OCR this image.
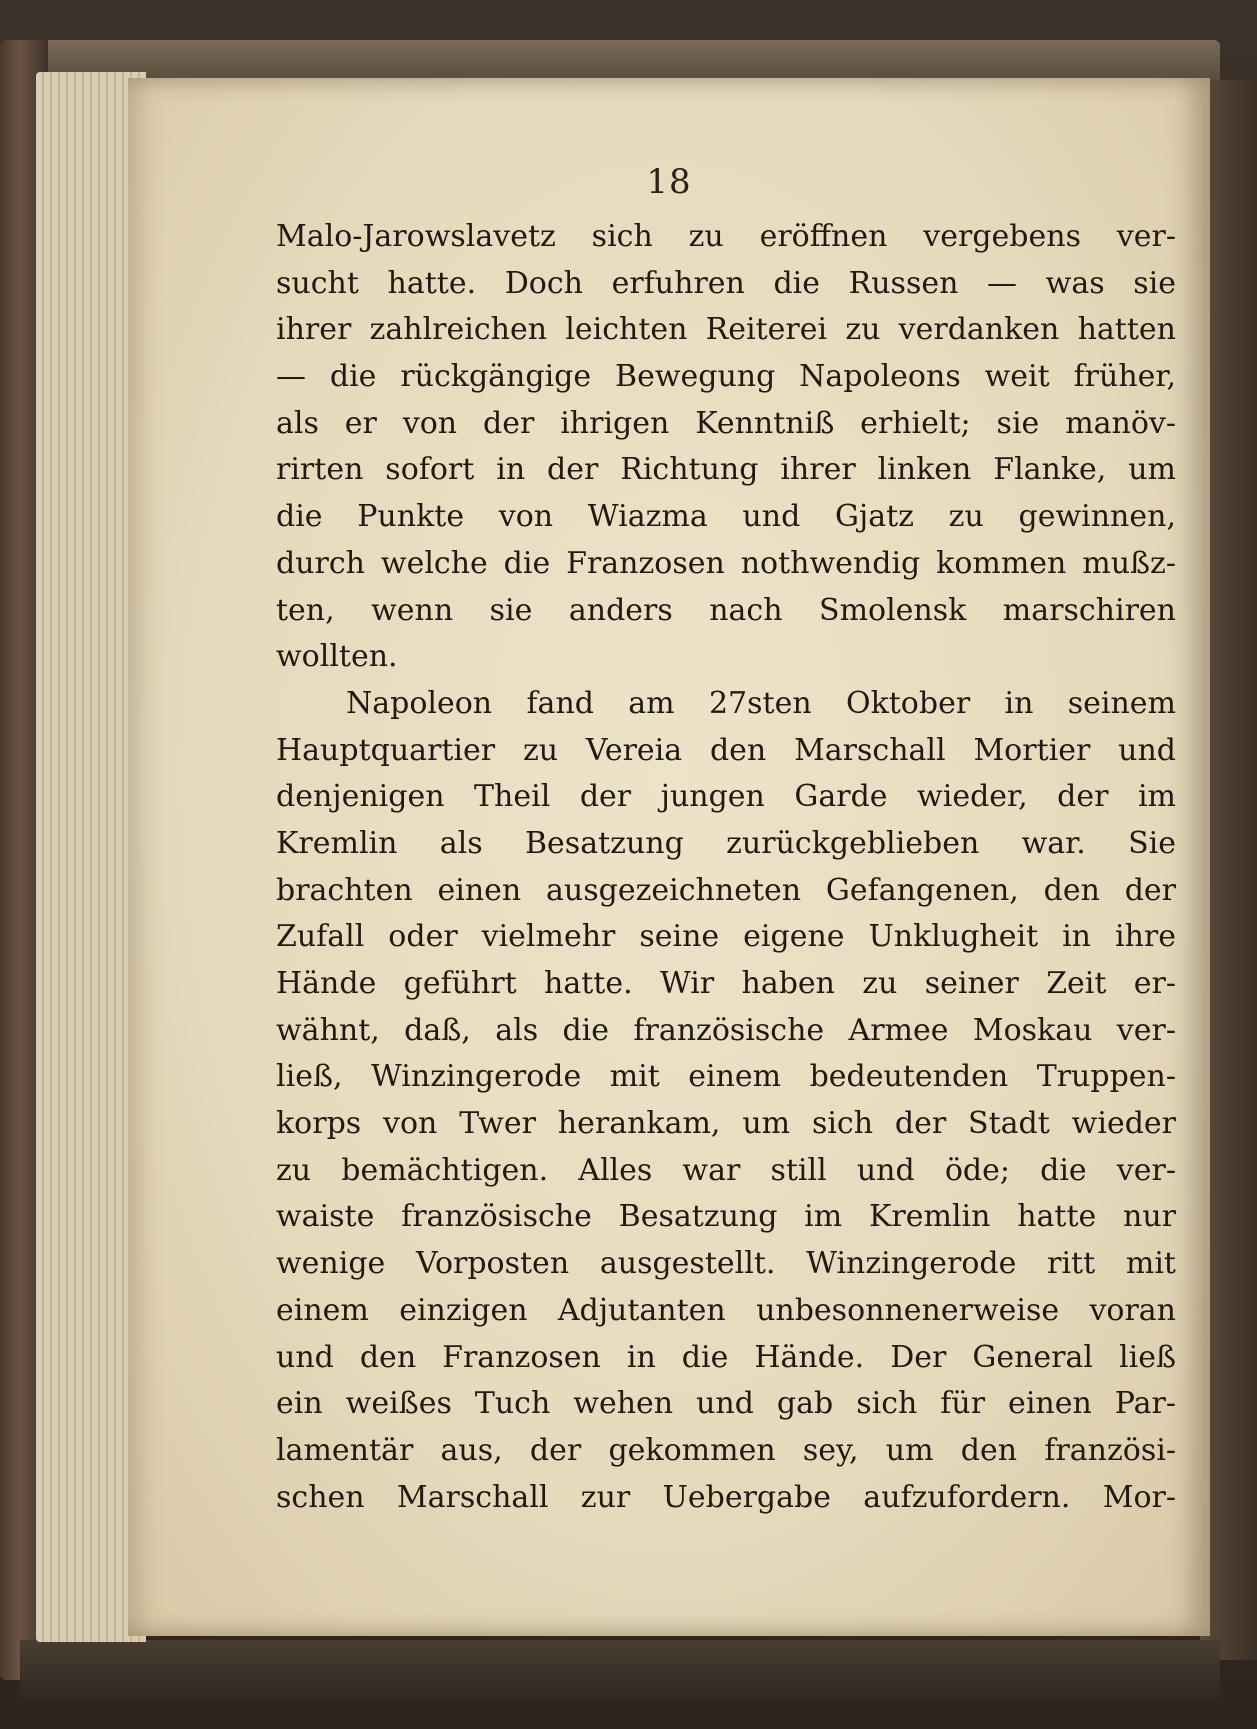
18
Malo-Jarowslavetz sich zu eröffnen vergebens ver-
sucht hatte. Doch erfuhren die Russen — was sie
ihrer zahlreichen leichten Reiterei zu verdanken hatten
— die rückgängige Bewegung Napoleons weit früher,
als er von der ihrigen Kenntniß erhielt; sie manöv-
rirten sofort in der Richtung ihrer linken Flanke, um
die Punkte von Wiazma und Gjatz zu gewinnen,
durch welche die Franzosen nothwendig kommen mußz-
ten, wenn sie anders nach Smolensk marschiren
wollten.
Napoleon fand am 27sten Oktober in seinem
Hauptquartier zu Vereia den Marschall Mortier und
denjenigen Theil der jungen Garde wieder, der im
Kremlin als Besatzung zurückgeblieben war. Sie
brachten einen ausgezeichneten Gefangenen, den der
Zufall oder vielmehr seine eigene Unklugheit in ihre
Hände geführt hatte. Wir haben zu seiner Zeit er-
wähnt, daß, als die französische Armee Moskau ver-
ließ, Winzingerode mit einem bedeutenden Truppen-
korps von Twer herankam, um sich der Stadt wieder
zu bemächtigen. Alles war still und öde; die ver-
waiste französische Besatzung im Kremlin hatte nur
wenige Vorposten ausgestellt. Winzingerode ritt mit
einem einzigen Adjutanten unbesonnenerweise voran
und den Franzosen in die Hände. Der General ließ
ein weißes Tuch wehen und gab sich für einen Par-
lamentär aus, der gekommen sey, um den französi-
schen Marschall zur Uebergabe aufzufordern. Mor-
